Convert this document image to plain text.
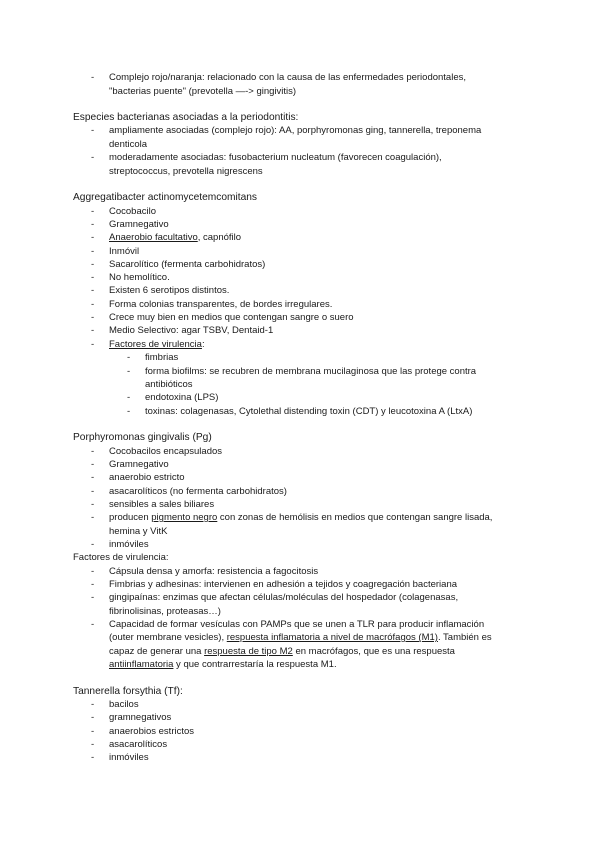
- Complejo rojo/naranja: relacionado con la causa de las enfermedades periodontales,
"bacterias puente" (prevotella —-> gingivitis)
Especies bacterianas asociadas a la periodontitis:
- ampliamente asociadas (complejo rojo): AA, porphyromonas ging, tannerella, treponema
denticola
- moderadamente asociadas: fusobacterium nucleatum (favorecen coagulación),
streptococcus, prevotella nigrescens
Aggregatibacter actinomycetemcomitans
- Cocobacilo
- Gramnegativo
- Anaerobio facultativo, capnófilo
- Inmóvil
- Sacarolítico (fermenta carbohidratos)
- No hemolítico.
- Existen 6 serotipos distintos.
- Forma colonias transparentes, de bordes irregulares.
- Crece muy bien en medios que contengan sangre o suero
- Medio Selectivo: agar TSBV, Dentaid-1
- Factores de virulencia:
- fimbrias
- forma biofilms: se recubren de membrana mucilaginosa que las protege contra
antibióticos
- endotoxina (LPS)
- toxinas: colagenasas, Cytolethal distending toxin (CDT) y leucotoxina A (LtxA)
Porphyromonas gingivalis (Pg)
- Cocobacilos encapsulados
- Gramnegativo
- anaerobio estricto
- asacarolíticos (no fermenta carbohidratos)
- sensibles a sales biliares
- producen pigmento negro con zonas de hemólisis en medios que contengan sangre lisada,
hemina y VitK
- inmóviles
Factores de virulencia:
- Cápsula densa y amorfa: resistencia a fagocitosis
- Fimbrias y adhesinas: intervienen en adhesión a tejidos y coagregación bacteriana
- gingipaínas: enzimas que afectan células/moléculas del hospedador (colagenasas,
fibrinolisinas, proteasas…)
- Capacidad de formar vesículas con PAMPs que se unen a TLR para producir inflamación
(outer membrane vesicles), respuesta inflamatoria a nivel de macrófagos (M1). También es
capaz de generar una respuesta de tipo M2 en macrófagos, que es una respuesta
antiinflamatoria y que contrarrestaría la respuesta M1.
Tannerella forsythia (Tf):
- bacilos
- gramnegativos
- anaerobios estrictos
- asacarolíticos
- inmóviles
